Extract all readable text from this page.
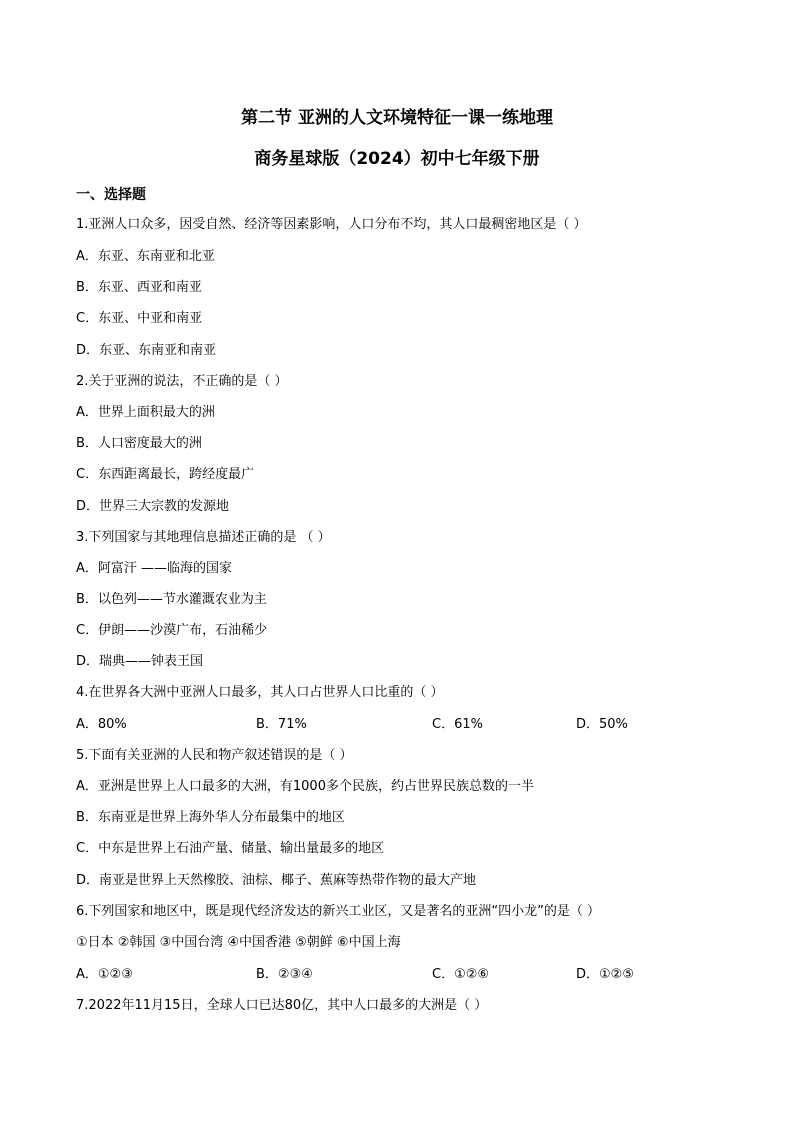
第二节 亚洲的人文环境特征一课一练地理
商务星球版（2024）初中七年级下册
一、选择题
1.亚洲人口众多，因受自然、经济等因素影响，人口分布不均，其人口最稠密地区是（ ）
A．东亚、东南亚和北亚
B．东亚、西亚和南亚
C．东亚、中亚和南亚
D．东亚、东南亚和南亚
2.关于亚洲的说法，不正确的是（ ）
A．世界上面积最大的洲
B．人口密度最大的洲
C．东西距离最长，跨经度最广
D．世界三大宗教的发源地
3.下列国家与其地理信息描述正确的是 （ ）
A．阿富汗 ——临海的国家
B．以色列——节水灌溉农业为主
C．伊朗——沙漠广布，石油稀少
D．瑞典——钟表王国
4.在世界各大洲中亚洲人口最多，其人口占世界人口比重的（ ）
A．80%	B．71%	C．61%	D．50%
5.下面有关亚洲的人民和物产叙述错误的是（ ）
A．亚洲是世界上人口最多的大洲，有1000多个民族，约占世界民族总数的一半
B．东南亚是世界上海外华人分布最集中的地区
C．中东是世界上石油产量、储量、输出量最多的地区
D．南亚是世界上天然橡胶、油棕、椰子、蕉麻等热带作物的最大产地
6.下列国家和地区中，既是现代经济发达的新兴工业区，又是著名的亚洲“四小龙”的是（ ）
①日本 ②韩国 ③中国台湾 ④中国香港 ⑤朝鲜 ⑥中国上海
A．①②③	B．②③④	C．①②⑥	D．①②⑤
7.2022年11月15日，全球人口已达80亿，其中人口最多的大洲是（ ）
